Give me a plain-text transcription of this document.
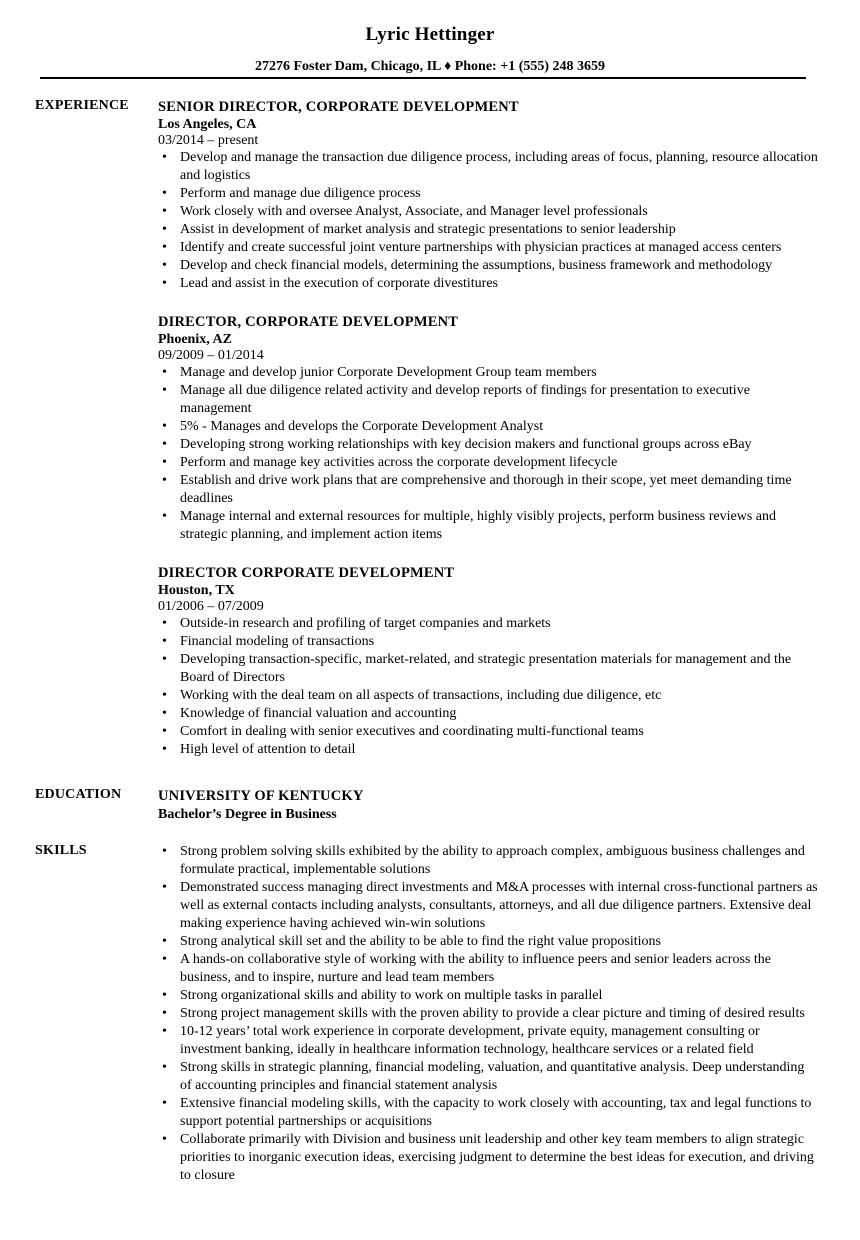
Lyric Hettinger
27276 Foster Dam, Chicago, IL ♦ Phone: +1 (555) 248 3659
EXPERIENCE SENIOR DIRECTOR, CORPORATE DEVELOPMENT
Los Angeles, CA
03/2014 – present
• Develop and manage the transaction due diligence process, including areas of focus, planning, resource allocation and logistics
• Perform and manage due diligence process
• Work closely with and oversee Analyst, Associate, and Manager level professionals
• Assist in development of market analysis and strategic presentations to senior leadership
• Identify and create successful joint venture partnerships with physician practices at managed access centers
• Develop and check financial models, determining the assumptions, business framework and methodology
• Lead and assist in the execution of corporate divestitures
DIRECTOR, CORPORATE DEVELOPMENT
Phoenix, AZ
09/2009 – 01/2014
• Manage and develop junior Corporate Development Group team members
• Manage all due diligence related activity and develop reports of findings for presentation to executive management
• 5% - Manages and develops the Corporate Development Analyst
• Developing strong working relationships with key decision makers and functional groups across eBay
• Perform and manage key activities across the corporate development lifecycle
• Establish and drive work plans that are comprehensive and thorough in their scope, yet meet demanding time deadlines
• Manage internal and external resources for multiple, highly visibly projects, perform business reviews and strategic planning, and implement action items
DIRECTOR CORPORATE DEVELOPMENT
Houston, TX
01/2006 – 07/2009
• Outside-in research and profiling of target companies and markets
• Financial modeling of transactions
• Developing transaction-specific, market-related, and strategic presentation materials for management and the Board of Directors
• Working with the deal team on all aspects of transactions, including due diligence, etc
• Knowledge of financial valuation and accounting
• Comfort in dealing with senior executives and coordinating multi-functional teams
• High level of attention to detail
EDUCATION	UNIVERSITY OF KENTUCKY
Bachelor’s Degree in Business
SKILLS
•	Strong problem solving skills exhibited by the ability to approach complex, ambiguous business challenges and formulate practical, implementable solutions
• Demonstrated success managing direct investments and M&A processes with internal cross-functional partners as well as external contacts including analysts, consultants, attorneys, and all due diligence partners. Extensive deal making experience having achieved win-win solutions
• Strong analytical skill set and the ability to be able to find the right value propositions
• A hands-on collaborative style of working with the ability to influence peers and senior leaders across the business, and to inspire, nurture and lead team members
• Strong organizational skills and ability to work on multiple tasks in parallel
• Strong project management skills with the proven ability to provide a clear picture and timing of desired results
• 10-12 years’ total work experience in corporate development, private equity, management consulting or investment banking, ideally in healthcare information technology, healthcare services or a related field
• Strong skills in strategic planning, financial modeling, valuation, and quantitative analysis. Deep understanding of accounting principles and financial statement analysis
• Extensive financial modeling skills, with the capacity to work closely with accounting, tax and legal functions to support potential partnerships or acquisitions
• Collaborate primarily with Division and business unit leadership and other key team members to align strategic priorities to inorganic execution ideas, exercising judgment to determine the best ideas for execution, and driving to closure
